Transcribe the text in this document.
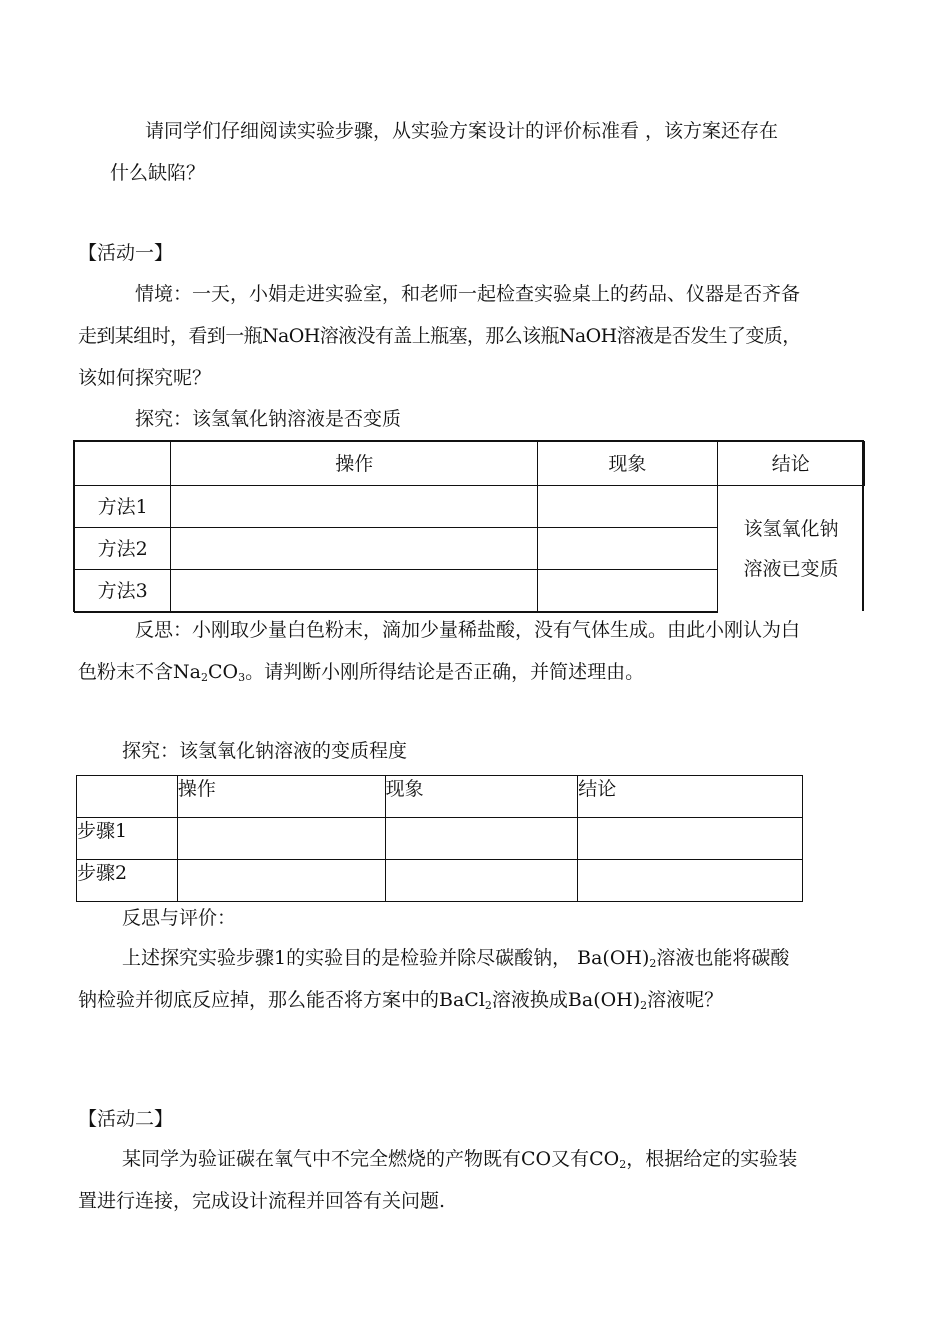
请同学们仔细阅读实验步骤，从实验方案设计的评价标准看 ，该方案还存在
什么缺陷？
【活动一】
情境：一天，小娟走进实验室，和老师一起检查实验桌上的药品、仪器是否齐备
走到某组时，看到一瓶NaOH溶液没有盖上瓶塞，那么该瓶NaOH溶液是否发生了变质，
该如何探究呢？
探究：该氢氧化钠溶液是否变质
	操作	现象	结论
方法1			该氢氧化钠
溶液已变质

方法2			
方法3			
反思：小刚取少量白色粉末，滴加少量稀盐酸，没有气体生成。由此小刚认为白
色粉末不含$Na_2CO_3$。请判断小刚所得结论是否正确，并简述理由。
探究：该氢氧化钠溶液的变质程度
	操作	现象	结论
步骤1			
步骤2			
反思与评价：
上述探究实验步骤1的实验目的是检验并除尽碳酸钠， $Ba(OH)_2$溶液也能将碳酸
钠检验并彻底反应掉，那么能否将方案中的BaCl$_2$溶液换成$Ba(OH)_2$溶液呢？
【活动二】
某同学为验证碳在氧气中不完全燃烧的产物既有CO又有$CO_2$，根据给定的实验装
置进行连接，完成设计流程并回答有关问题.
